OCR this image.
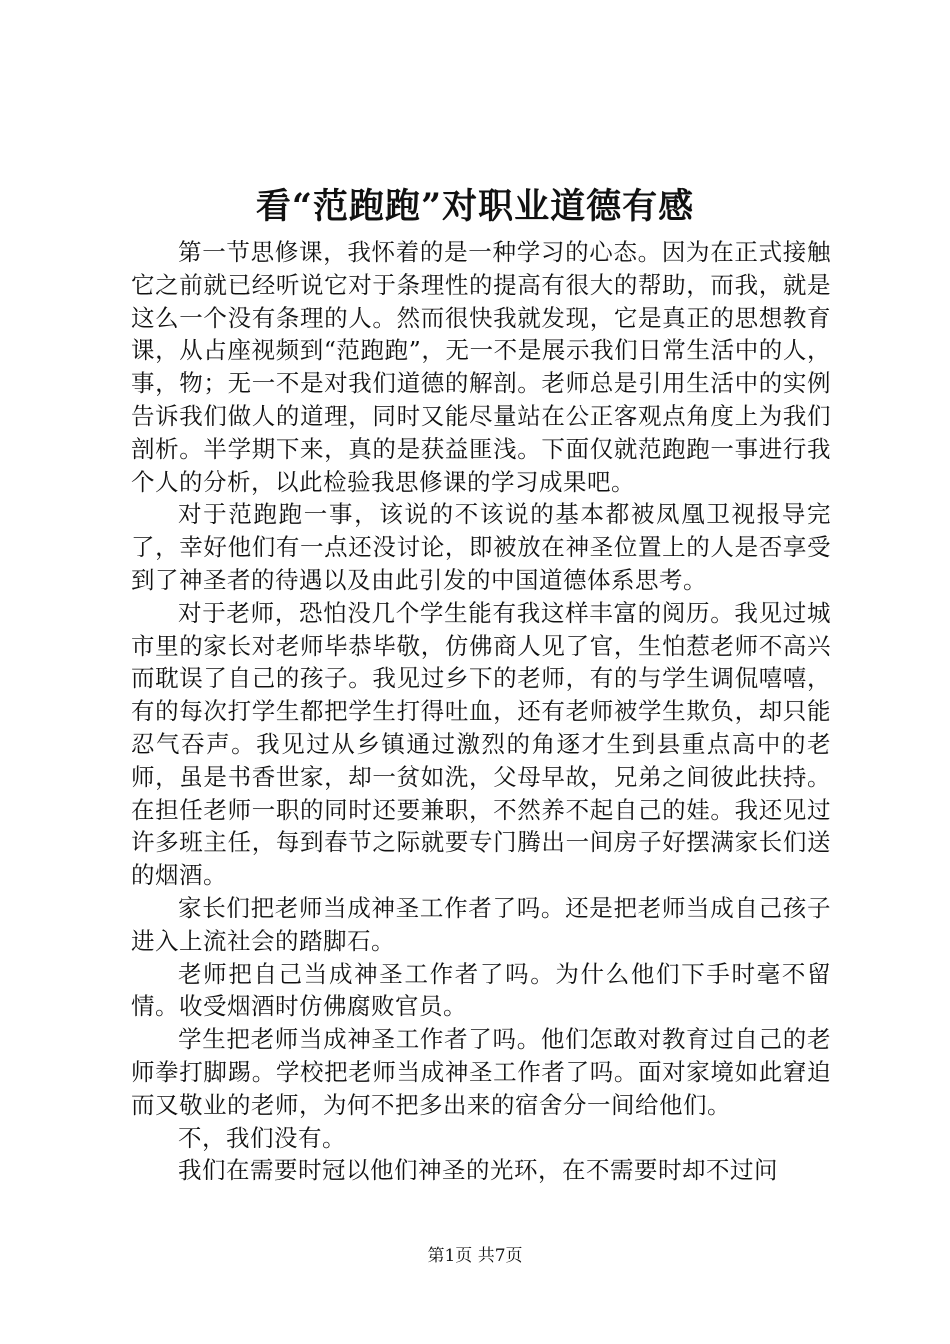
看“范跑跑”对职业道德有感

第一节思修课，我怀着的是一种学习的心态。因为在正式接触它之前就已经听说它对于条理性的提高有很大的帮助，而我，就是这么一个没有条理的人。然而很快我就发现，它是真正的思想教育课，从占座视频到“范跑跑”，无一不是展示我们日常生活中的人，事，物；无一不是对我们道德的解剖。老师总是引用生活中的实例告诉我们做人的道理，同时又能尽量站在公正客观点角度上为我们剖析。半学期下来，真的是获益匪浅。下面仅就范跑跑一事进行我个人的分析，以此检验我思修课的学习成果吧。

对于范跑跑一事，该说的不该说的基本都被凤凰卫视报导完了，幸好他们有一点还没讨论，即被放在神圣位置上的人是否享受到了神圣者的待遇以及由此引发的中国道德体系思考。

对于老师，恐怕没几个学生能有我这样丰富的阅历。我见过城市里的家长对老师毕恭毕敬，仿佛商人见了官，生怕惹老师不高兴而耽误了自己的孩子。我见过乡下的老师，有的与学生调侃嘻嘻，有的每次打学生都把学生打得吐血，还有老师被学生欺负，却只能忍气吞声。我见过从乡镇通过激烈的角逐才生到县重点高中的老师，虽是书香世家，却一贫如洗，父母早故，兄弟之间彼此扶持。在担任老师一职的同时还要兼职，不然养不起自己的娃。我还见过许多班主任，每到春节之际就要专门腾出一间房子好摆满家长们送的烟酒。

家长们把老师当成神圣工作者了吗。还是把老师当成自己孩子进入上流社会的踏脚石。

老师把自己当成神圣工作者了吗。为什么他们下手时毫不留情。收受烟酒时仿佛腐败官员。

学生把老师当成神圣工作者了吗。他们怎敢对教育过自己的老师拳打脚踢。学校把老师当成神圣工作者了吗。面对家境如此窘迫而又敬业的老师，为何不把多出来的宿舍分一间给他们。

不，我们没有。

我们在需要时冠以他们神圣的光环，在不需要时却不过问

第1页 共7页
